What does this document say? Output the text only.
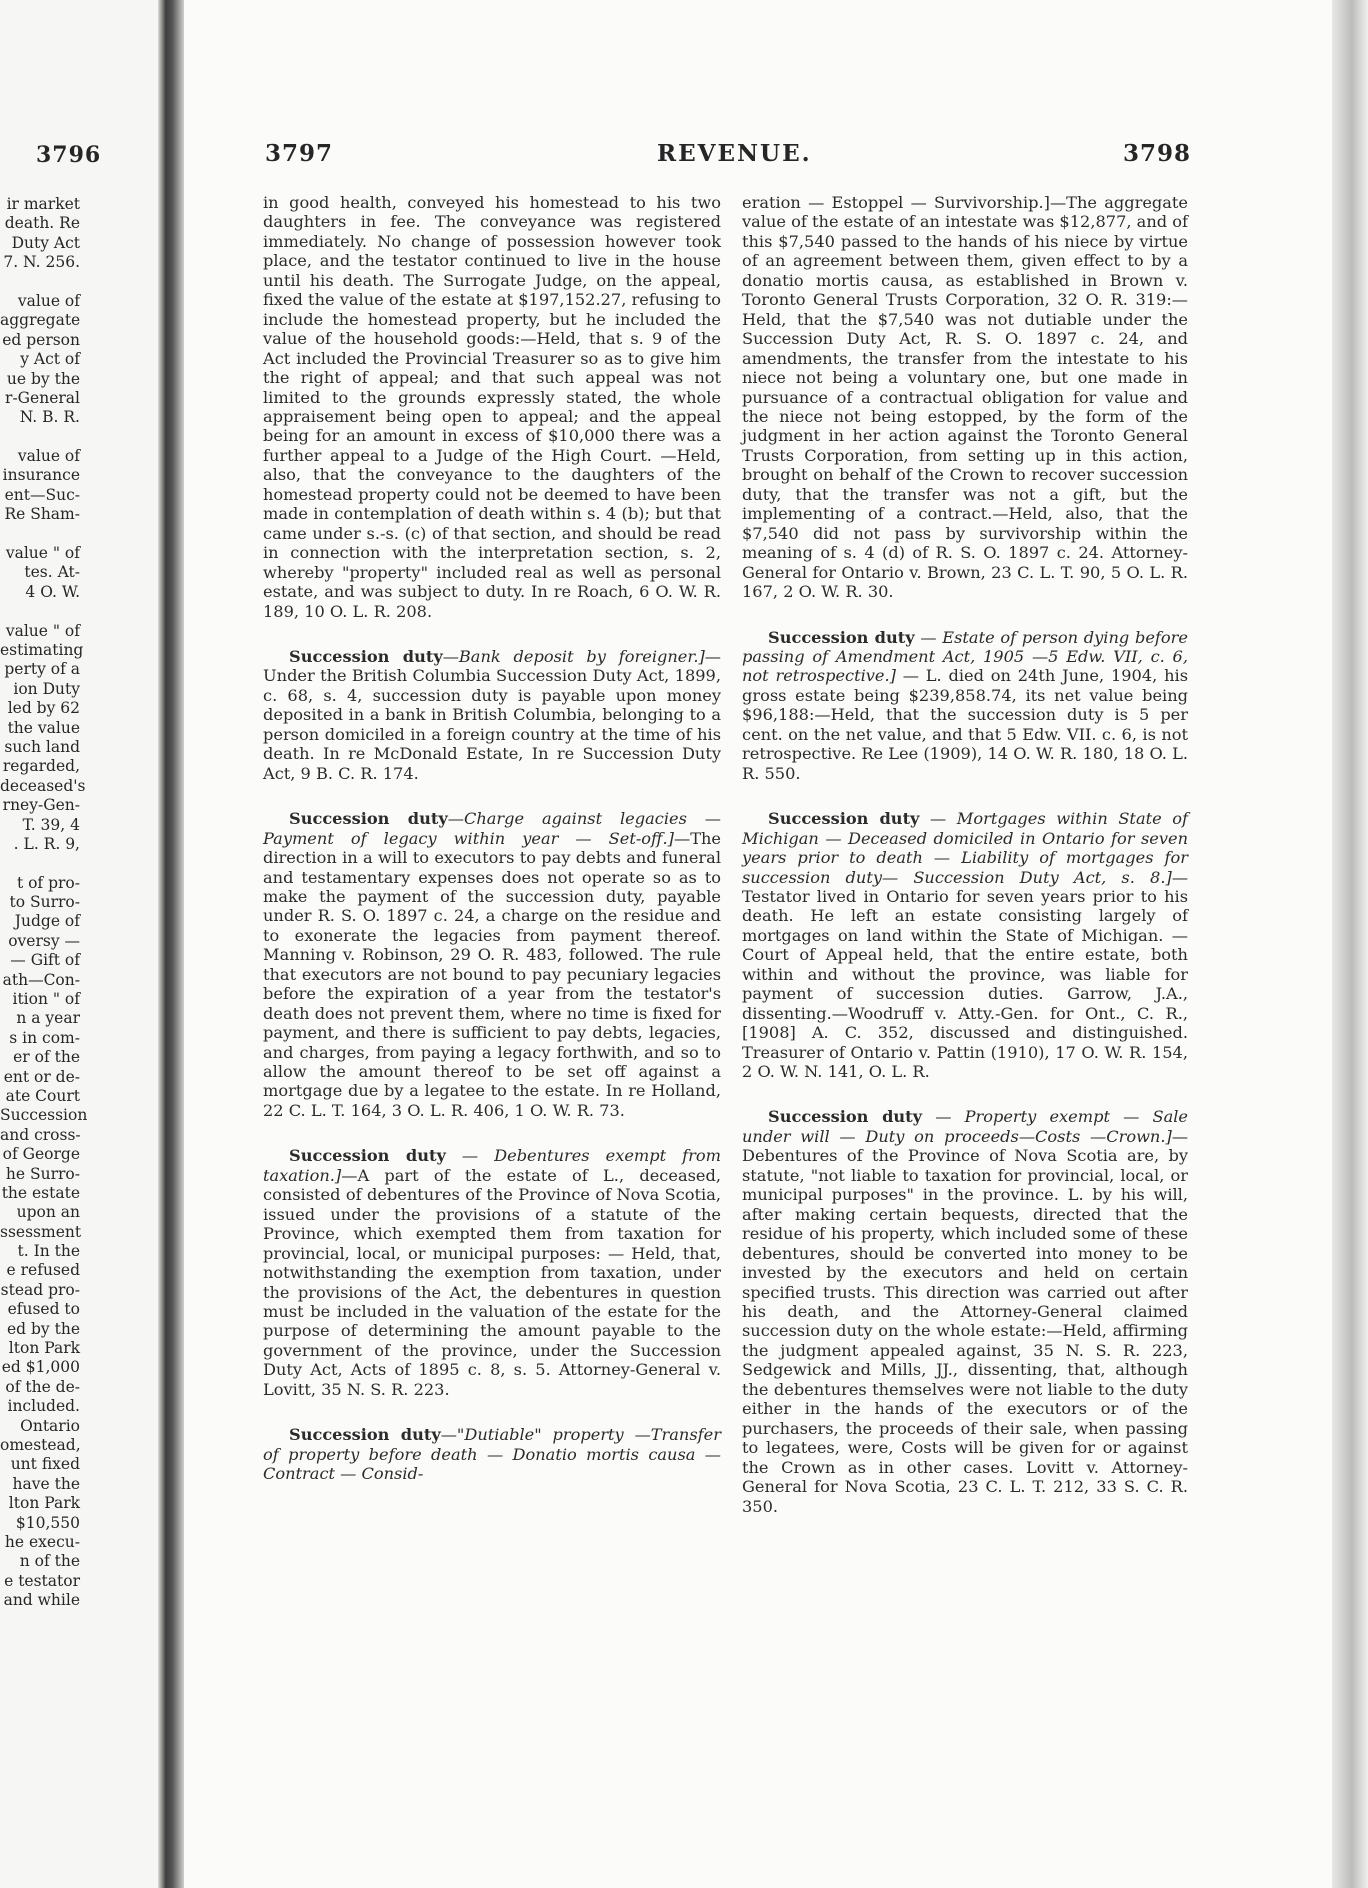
3796
ir market
death. Re
Duty Act
7. N. 256.
value of
aggregate
ed person
y Act of
ue by the
r-General
N. B. R.
value of
insurance
ent—Suc-
Re Sham-
value " of
tes. At-
4 O. W.
value " of
estimating
perty of a
ion Duty
led by 62
the value
such land
regarded,
deceased's
rney-Gen-
T. 39, 4
. L. R. 9,
t of pro-
to Surro-
Judge of
oversy —
— Gift of
ath—Con-
ition " of
n a year
s in com-
er of the
ent or de-
ate Court
Succession
and cross-
of George
he Surro-
the estate
upon an
ssessment
t. In the
e refused
stead pro-
efused to
ed by the
lton Park
ed $1,000
of the de-
included.
Ontario
omestead,
unt fixed
have the
lton Park
$10,550
he execu-
n of the
e testator
and while
3797	REVENUE.	3798

in good health, conveyed his homestead to his two daughters in fee. The conveyance was registered immediately. No change of possession however took place, and the testator continued to live in the house until his death. The Surrogate Judge, on the appeal, fixed the value of the estate at $197,152.27, refusing to include the homestead property, but he included the value of the household goods:—Held, that s. 9 of the Act included the Provincial Treasurer so as to give him the right of appeal; and that such appeal was not limited to the grounds expressly stated, the whole appraisement being open to appeal; and the appeal being for an amount in excess of $10,000 there was a further appeal to a Judge of the High Court. —Held, also, that the conveyance to the daughters of the homestead property could not be deemed to have been made in contemplation of death within s. 4 (b); but that came under s.-s. (c) of that section, and should be read in connection with the interpretation section, s. 2, whereby "property" included real as well as personal estate, and was subject to duty. In re Roach, 6 O. W. R. 189, 10 O. L. R. 208.

Succession duty—Bank deposit by foreigner.]—Under the British Columbia Succession Duty Act, 1899, c. 68, s. 4, succession duty is payable upon money deposited in a bank in British Columbia, belonging to a person domiciled in a foreign country at the time of his death. In re McDonald Estate, In re Succession Duty Act, 9 B. C. R. 174.

Succession duty—Charge against legacies — Payment of legacy within year — Set-off.]—The direction in a will to executors to pay debts and funeral and testamentary expenses does not operate so as to make the payment of the succession duty, payable under R. S. O. 1897 c. 24, a charge on the residue and to exonerate the legacies from payment thereof. Manning v. Robinson, 29 O. R. 483, followed. The rule that executors are not bound to pay pecuniary legacies before the expiration of a year from the testator's death does not prevent them, where no time is fixed for payment, and there is sufficient to pay debts, legacies, and charges, from paying a legacy forthwith, and so to allow the amount thereof to be set off against a mortgage due by a legatee to the estate. In re Holland, 22 C. L. T. 164, 3 O. L. R. 406, 1 O. W. R. 73.

Succession duty — Debentures exempt from taxation.]—A part of the estate of L., deceased, consisted of debentures of the Province of Nova Scotia, issued under the provisions of a statute of the Province, which exempted them from taxation for provincial, local, or municipal purposes: — Held, that, notwithstanding the exemption from taxation, under the provisions of the Act, the debentures in question must be included in the valuation of the estate for the purpose of determining the amount payable to the government of the province, under the Succession Duty Act, Acts of 1895 c. 8, s. 5. Attorney-General v. Lovitt, 35 N. S. R. 223.

Succession duty—"Dutiable" property —Transfer of property before death — Donatio mortis causa — Contract — Consid-

eration — Estoppel — Survivorship.]—The aggregate value of the estate of an intestate was $12,877, and of this $7,540 passed to the hands of his niece by virtue of an agreement between them, given effect to by a donatio mortis causa, as established in Brown v. Toronto General Trusts Corporation, 32 O. R. 319:—Held, that the $7,540 was not dutiable under the Succession Duty Act, R. S. O. 1897 c. 24, and amendments, the transfer from the intestate to his niece not being a voluntary one, but one made in pursuance of a contractual obligation for value and the niece not being estopped, by the form of the judgment in her action against the Toronto General Trusts Corporation, from setting up in this action, brought on behalf of the Crown to recover succession duty, that the transfer was not a gift, but the implementing of a contract.—Held, also, that the $7,540 did not pass by survivorship within the meaning of s. 4 (d) of R. S. O. 1897 c. 24. Attorney-General for Ontario v. Brown, 23 C. L. T. 90, 5 O. L. R. 167, 2 O. W. R. 30.

Succession duty — Estate of person dying before passing of Amendment Act, 1905 —5 Edw. VII, c. 6, not retrospective.] — L. died on 24th June, 1904, his gross estate being $239,858.74, its net value being $96,188:—Held, that the succession duty is 5 per cent. on the net value, and that 5 Edw. VII. c. 6, is not retrospective. Re Lee (1909), 14 O. W. R. 180, 18 O. L. R. 550.

Succession duty — Mortgages within State of Michigan — Deceased domiciled in Ontario for seven years prior to death — Liability of mortgages for succession duty— Succession Duty Act, s. 8.]—Testator lived in Ontario for seven years prior to his death. He left an estate consisting largely of mortgages on land within the State of Michigan. —Court of Appeal held, that the entire estate, both within and without the province, was liable for payment of succession duties. Garrow, J.A., dissenting.—Woodruff v. Atty.-Gen. for Ont., C. R., [1908] A. C. 352, discussed and distinguished. Treasurer of Ontario v. Pattin (1910), 17 O. W. R. 154, 2 O. W. N. 141, O. L. R.

Succession duty — Property exempt — Sale under will — Duty on proceeds—Costs —Crown.]—Debentures of the Province of Nova Scotia are, by statute, "not liable to taxation for provincial, local, or municipal purposes" in the province. L. by his will, after making certain bequests, directed that the residue of his property, which included some of these debentures, should be converted into money to be invested by the executors and held on certain specified trusts. This direction was carried out after his death, and the Attorney-General claimed succession duty on the whole estate:—Held, affirming the judgment appealed against, 35 N. S. R. 223, Sedgewick and Mills, JJ., dissenting, that, although the debentures themselves were not liable to the duty either in the hands of the executors or of the purchasers, the proceeds of their sale, when passing to legatees, were, Costs will be given for or against the Crown as in other cases. Lovitt v. Attorney-General for Nova Scotia, 23 C. L. T. 212, 33 S. C. R. 350.
